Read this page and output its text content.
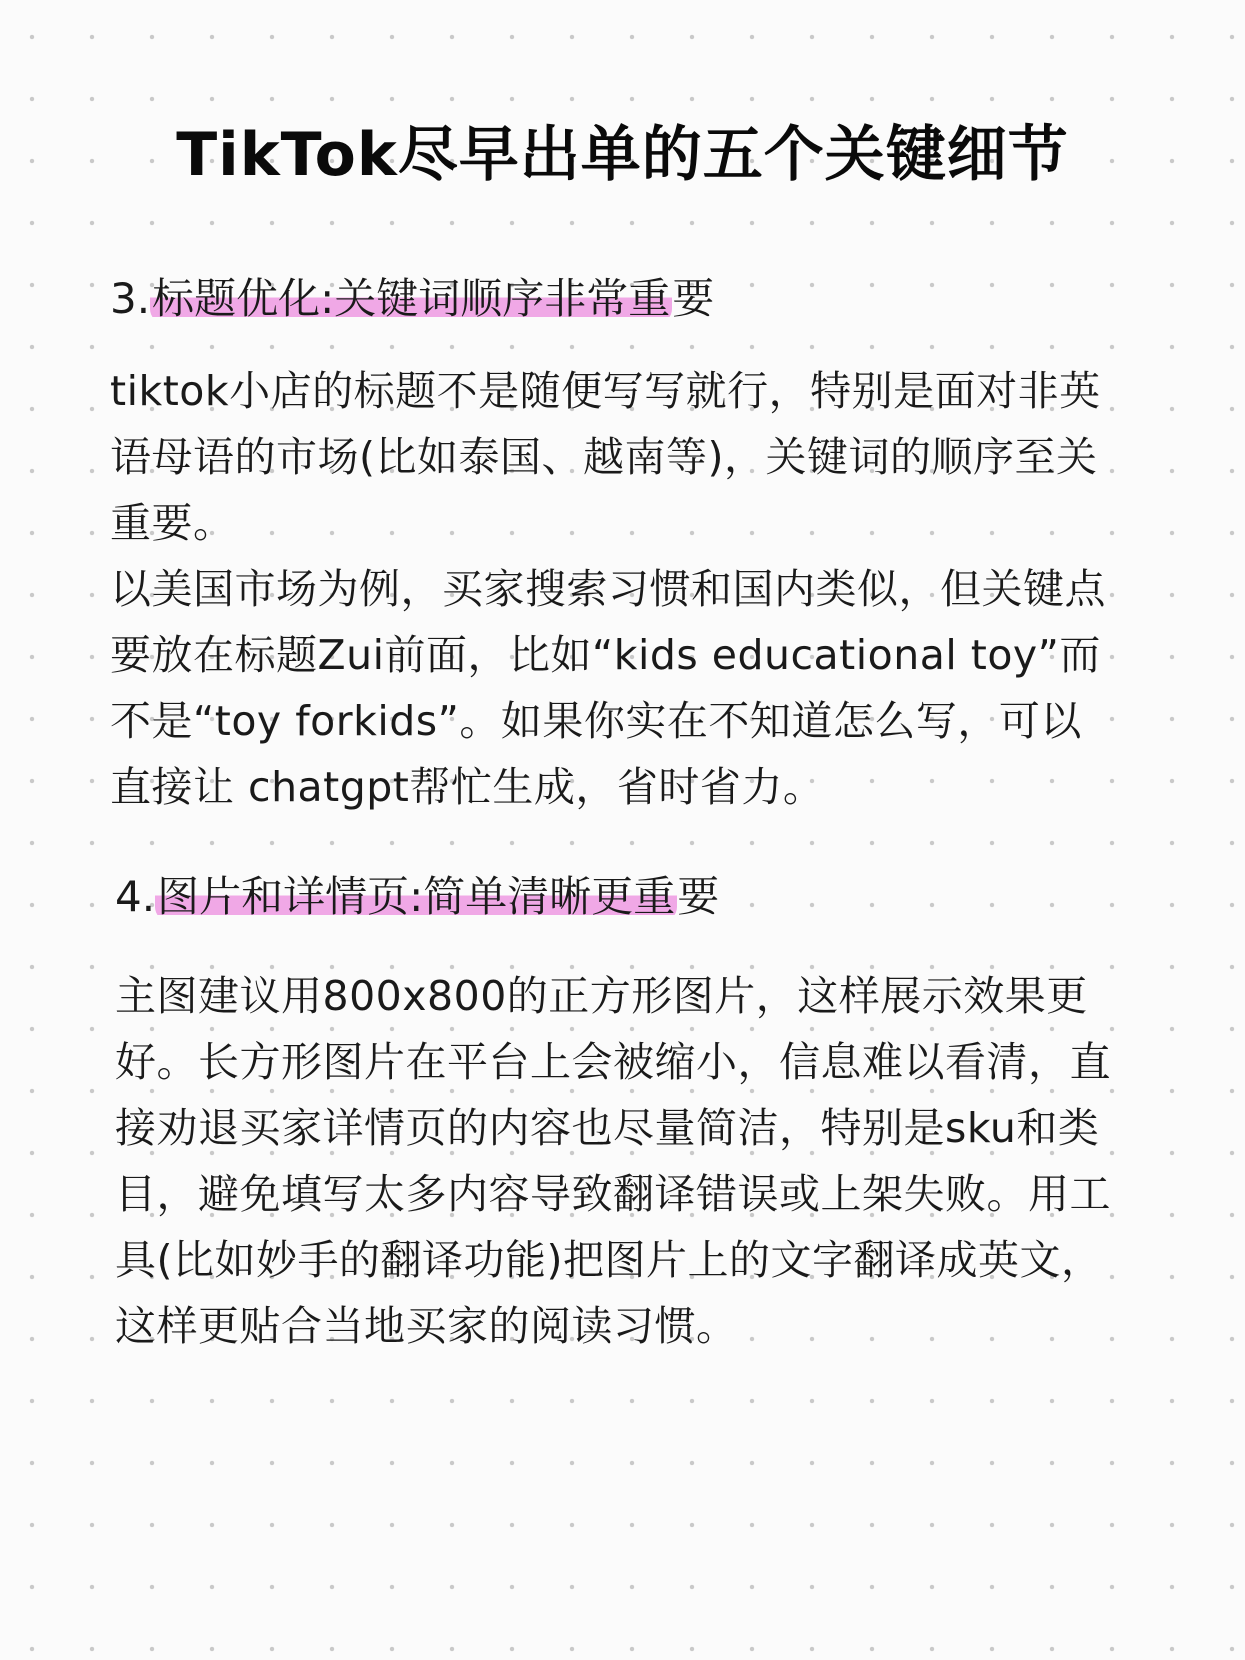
TikTok尽早出单的五个关键细节
3.标题优化:关键词顺序非常重要

tiktok小店的标题不是随便写写就行，特别是面对非英语母语的市场(比如泰国、越南等)，关键词的顺序至关重要。

以美国市场为例，买家搜索习惯和国内类似，但关键点要放在标题Zui前面，比如“kids educational toy”而不是“toy forkids”。如果你实在不知道怎么写，可以直接让 chatgpt帮忙生成，省时省力。

4.图片和详情页:简单清晰更重要

主图建议用800x800的正方形图片，这样展示效果更好。长方形图片在平台上会被缩小，信息难以看清，直接劝退买家详情页的内容也尽量简洁，特别是sku和类目，避免填写太多内容导致翻译错误或上架失败。用工具(比如妙手的翻译功能)把图片上的文字翻译成英文，这样更贴合当地买家的阅读习惯。
